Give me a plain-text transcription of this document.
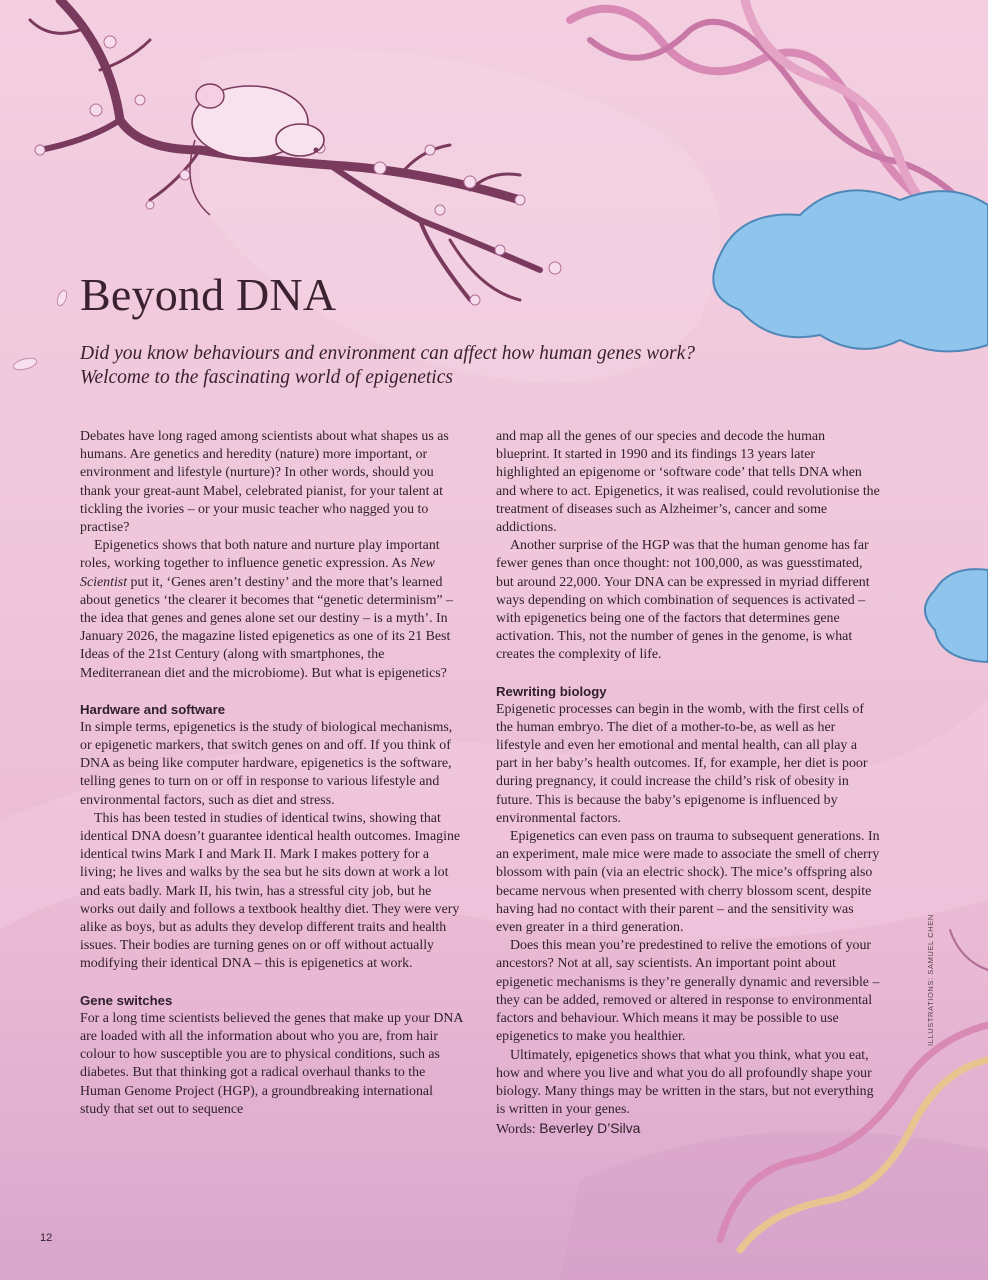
Beyond DNA
Did you know behaviours and environment can affect how human genes work?
Welcome to the fascinating world of epigenetics

Debates have long raged among scientists about what shapes us as humans. Are genetics and heredity (nature) more important, or environment and lifestyle (nurture)? In other words, should you thank your great-aunt Mabel, celebrated pianist, for your talent at tickling the ivories – or your music teacher who nagged you to practise?

Epigenetics shows that both nature and nurture play important roles, working together to influence genetic expression. As New Scientist put it, ‘Genes aren’t destiny’ and the more that’s learned about genetics ‘the clearer it becomes that “genetic determinism” – the idea that genes and genes alone set our destiny – is a myth’. In January 2026, the magazine listed epigenetics as one of its 21 Best Ideas of the 21st Century (along with smartphones, the Mediterranean diet and the microbiome). But what is epigenetics?

Hardware and software

In simple terms, epigenetics is the study of biological mechanisms, or epigenetic markers, that switch genes on and off. If you think of DNA as being like computer hardware, epigenetics is the software, telling genes to turn on or off in response to various lifestyle and environmental factors, such as diet and stress.

This has been tested in studies of identical twins, showing that identical DNA doesn’t guarantee identical health outcomes. Imagine identical twins Mark I and Mark II. Mark I makes pottery for a living; he lives and walks by the sea but he sits down at work a lot and eats badly. Mark II, his twin, has a stressful city job, but he works out daily and follows a textbook healthy diet. They were very alike as boys, but as adults they develop different traits and health issues. Their bodies are turning genes on or off without actually modifying their identical DNA – this is epigenetics at work.

Gene switches

For a long time scientists believed the genes that make up your DNA are loaded with all the information about who you are, from hair colour to how susceptible you are to physical conditions, such as diabetes. But that thinking got a radical overhaul thanks to the Human Genome Project (HGP), a groundbreaking international study that set out to sequence

and map all the genes of our species and decode the human blueprint. It started in 1990 and its findings 13 years later highlighted an epigenome or ‘software code’ that tells DNA when and where to act. Epigenetics, it was realised, could revolutionise the treatment of diseases such as Alzheimer’s, cancer and some addictions.

Another surprise of the HGP was that the human genome has far fewer genes than once thought: not 100,000, as was guesstimated, but around 22,000. Your DNA can be expressed in myriad different ways depending on which combination of sequences is activated – with epigenetics being one of the factors that determines gene activation. This, not the number of genes in the genome, is what creates the complexity of life.

Rewriting biology

Epigenetic processes can begin in the womb, with the first cells of the human embryo. The diet of a mother-to-be, as well as her lifestyle and even her emotional and mental health, can all play a part in her baby’s health outcomes. If, for example, her diet is poor during pregnancy, it could increase the child’s risk of obesity in future. This is because the baby’s epigenome is influenced by environmental factors.

Epigenetics can even pass on trauma to subsequent generations. In an experiment, male mice were made to associate the smell of cherry blossom with pain (via an electric shock). The mice’s offspring also became nervous when presented with cherry blossom scent, despite having had no contact with their parent – and the sensitivity was even greater in a third generation.

Does this mean you’re predestined to relive the emotions of your ancestors? Not at all, say scientists. An important point about epigenetic mechanisms is they’re generally dynamic and reversible – they can be added, removed or altered in response to environmental factors and behaviour. Which means it may be possible to use epigenetics to make you healthier.

Ultimately, epigenetics shows that what you think, what you eat, how and where you live and what you do all profoundly shape your biology. Many things may be written in the stars, but not everything is written in your genes.

Words: Beverley D’Silva

ILLUSTRATIONS: SAMUEL CHEN
12
